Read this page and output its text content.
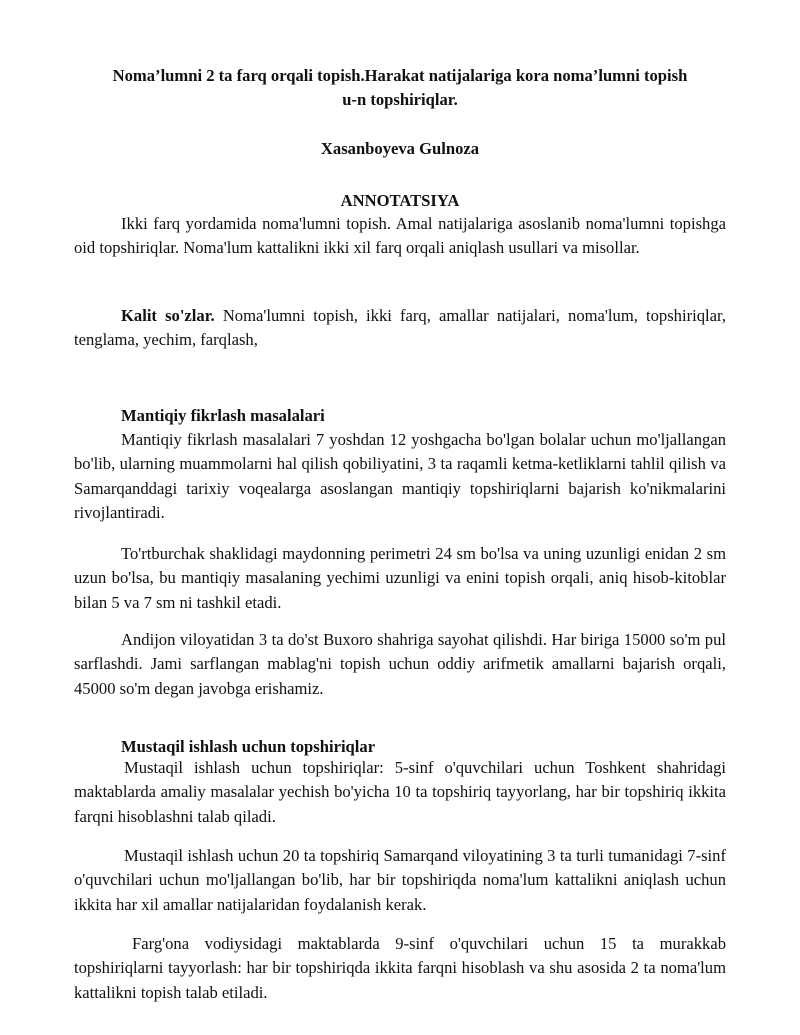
Noma’lumni 2 ta farq orqali topish.Harakat natijalariga kora noma’lumni topish
u-n topshiriqlar.
Xasanboyeva Gulnoza
ANNOTATSIYA

Ikki farq yordamida noma'lumni topish. Amal natijalariga asoslanib noma'lumni topishga oid topshiriqlar. Noma'lum kattalikni ikki xil farq orqali aniqlash usullari va misollar.

Kalit so'zlar. Noma'lumni topish, ikki farq, amallar natijalari, noma'lum, topshiriqlar, tenglama, yechim, farqlash,

Mantiqiy fikrlash masalalari

Mantiqiy fikrlash masalalari 7 yoshdan 12 yoshgacha bo'lgan bolalar uchun mo'ljallangan bo'lib, ularning muammolarni hal qilish qobiliyatini, 3 ta raqamli ketma-ketliklarni tahlil qilish va Samarqanddagi tarixiy voqealarga asoslangan mantiqiy topshiriqlarni bajarish ko'nikmalarini rivojlantiradi.

To'rtburchak shaklidagi maydonning perimetri 24 sm bo'lsa va uning uzunligi enidan 2 sm uzun bo'lsa, bu mantiqiy masalaning yechimi uzunligi va enini topish orqali, aniq hisob-kitoblar bilan 5 va 7 sm ni tashkil etadi.

Andijon viloyatidan 3 ta do'st Buxoro shahriga sayohat qilishdi. Har biriga 15000 so'm pul sarflashdi. Jami sarflangan mablag'ni topish uchun oddiy arifmetik amallarni bajarish orqali, 45000 so'm degan javobga erishamiz.

Mustaqil ishlash uchun topshiriqlar

Mustaqil ishlash uchun topshiriqlar: 5-sinf o'quvchilari uchun Toshkent shahridagi maktablarda amaliy masalalar yechish bo'yicha 10 ta topshiriq tayyorlang, har bir topshiriq ikkita farqni hisoblashni talab qiladi.

Mustaqil ishlash uchun 20 ta topshiriq Samarqand viloyatining 3 ta turli tumanidagi 7-sinf o'quvchilari uchun mo'ljallangan bo'lib, har bir topshiriqda noma'lum kattalikni aniqlash uchun ikkita har xil amallar natijalaridan foydalanish kerak.

Farg'ona vodiysidagi maktablarda 9-sinf o'quvchilari uchun 15 ta murakkab topshiriqlarni tayyorlash: har bir topshiriqda ikkita farqni hisoblash va shu asosida 2 ta noma'lum kattalikni topish talab etiladi.
